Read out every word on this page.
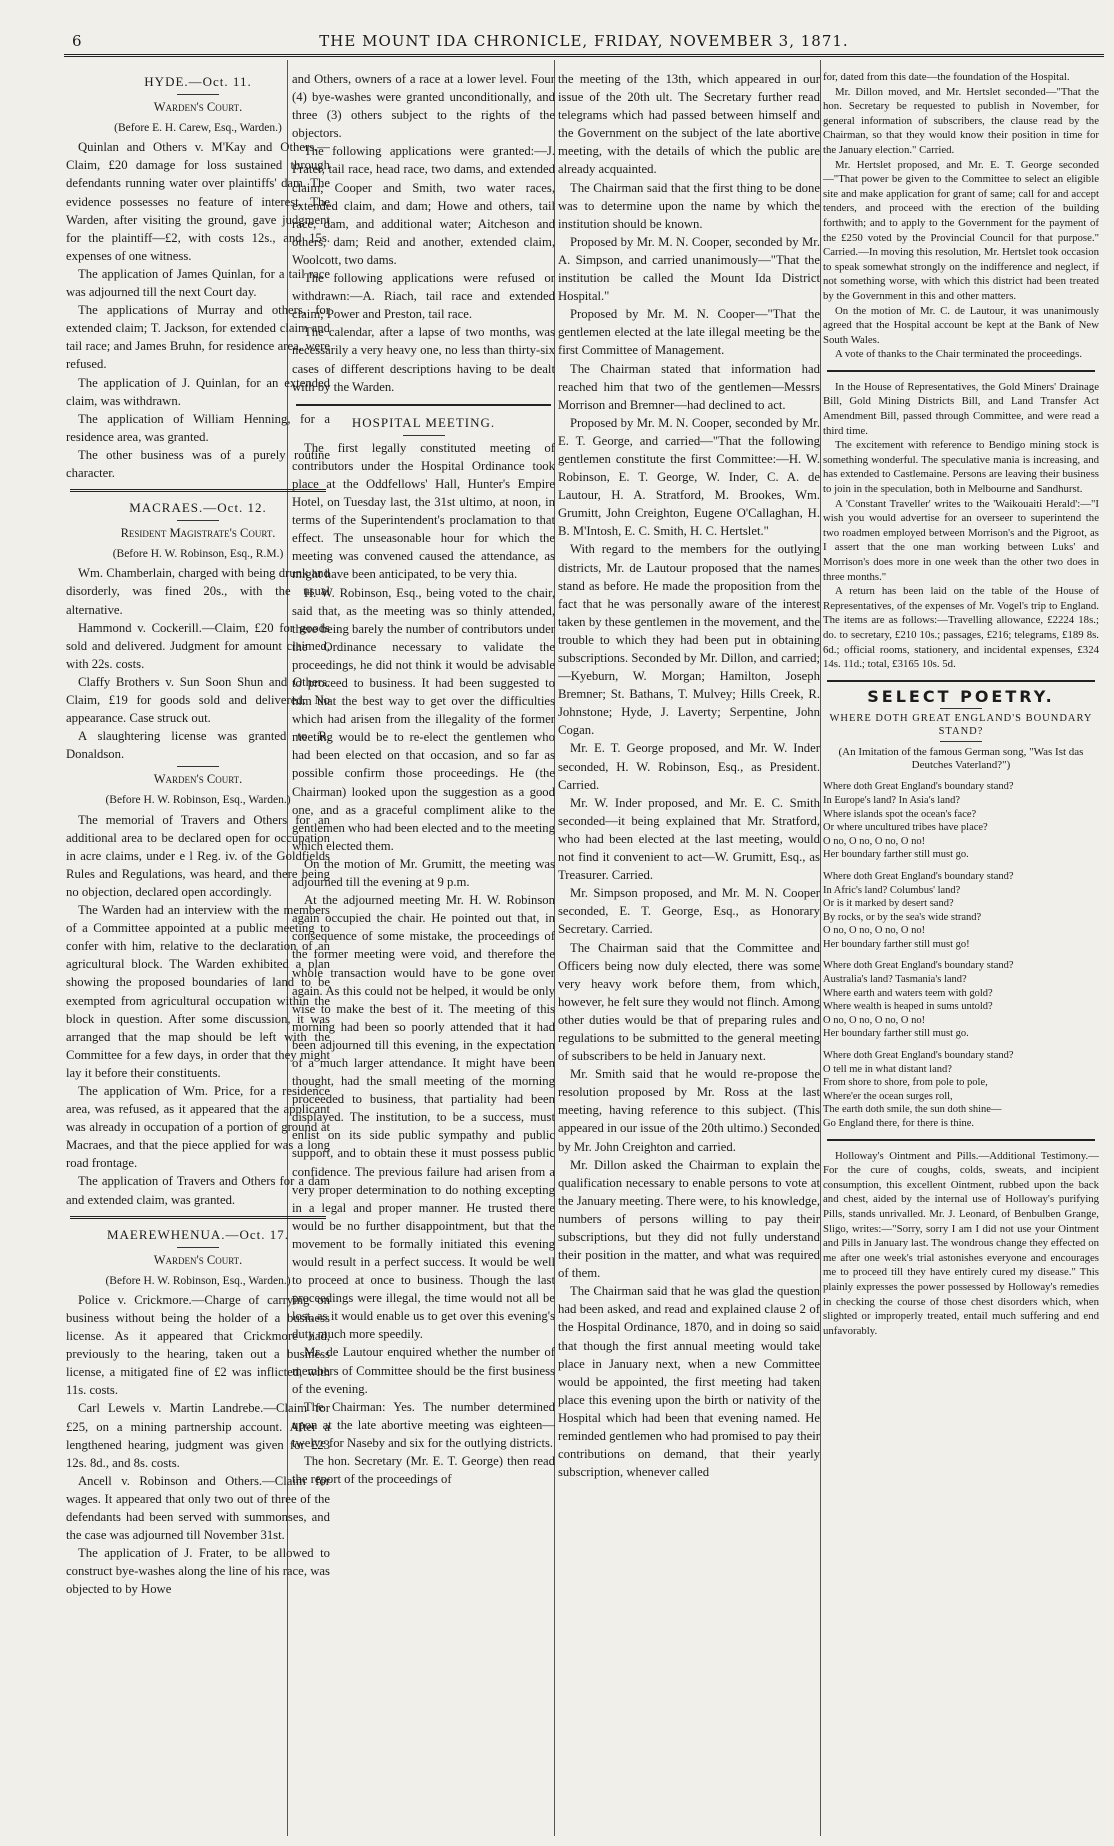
6	THE MOUNT IDA CHRONICLE, FRIDAY, NOVEMBER 3, 1871.
HYDE.—Oct. 11.
Warden's Court.
(Before E. H. Carew, Esq., Warden.)

Quinlan and Others v. M'Kay and Others.—Claim, £20 damage for loss sustained through defendants running water over plaintiffs' dam. The evidence possesses no feature of interest. The Warden, after visiting the ground, gave judgment for the plaintiff—£2, with costs 12s., and 15s. expenses of one witness.

The application of James Quinlan, for a tail race was adjourned till the next Court day.

The applications of Murray and others, for extended claim; T. Jackson, for extended claim and tail race; and James Bruhn, for residence area, were refused.

The application of J. Quinlan, for an extended claim, was withdrawn.

The application of William Henning, for a residence area, was granted.

The other business was of a purely routine character.

MACRAES.—Oct. 12.
Resident Magistrate's Court.
(Before H. W. Robinson, Esq., R.M.)

Wm. Chamberlain, charged with being drunk and disorderly, was fined 20s., with the usual alternative.

Hammond v. Cockerill.—Claim, £20 for goods sold and delivered. Judgment for amount claimed, with 22s. costs.

Claffy Brothers v. Sun Soon Shun and Others. Claim, £19 for goods sold and delivered. No appearance. Case struck out.

A slaughtering license was granted to R. Donaldson.

Warden's Court.
(Before H. W. Robinson, Esq., Warden.)

The memorial of Travers and Others for an additional area to be declared open for occupation in acre claims, under e l Reg. iv. of the Goldfields Rules and Regulations, was heard, and there being no objection, declared open accordingly.

The Warden had an interview with the members of a Committee appointed at a public meeting to confer with him, relative to the declaration of an agricultural block. The Warden exhibited a plan showing the proposed boundaries of land to be exempted from agricultural occupation within the block in question. After some discussion, it was arranged that the map should be left with the Committee for a few days, in order that they might lay it before their constituents.

The application of Wm. Price, for a residence area, was refused, as it appeared that the applicant was already in occupation of a portion of ground at Macraes, and that the piece applied for was a long road frontage.

The application of Travers and Others for a dam and extended claim, was granted.

MAEREWHENUA.—Oct. 17.
Warden's Court.
(Before H. W. Robinson, Esq., Warden.)

Police v. Crickmore.—Charge of carrying on business without being the holder of a business license. As it appeared that Crickmore had, previously to the hearing, taken out a business license, a mitigated fine of £2 was inflicted, with 11s. costs.

Carl Lewels v. Martin Landrebe.—Claim for £25, on a mining partnership account. After a lengthened hearing, judgment was given for £23 12s. 8d., and 8s. costs.

Ancell v. Robinson and Others.—Claim for wages. It appeared that only two out of three of the defendants had been served with summonses, and the case was adjourned till November 31st.

The application of J. Frater, to be allowed to construct bye-washes along the line of his race, was objected to by Howe

and Others, owners of a race at a lower level. Four (4) bye-washes were granted unconditionally, and three (3) others subject to the rights of the objectors.

The following applications were granted:—J. Frater, tail race, head race, two dams, and extended claim; Cooper and Smith, two water races, extended claim, and dam; Howe and others, tail race, dam, and additional water; Aitcheson and others, dam; Reid and another, extended claim, Woolcott, two dams.

The following applications were refused or withdrawn:—A. Riach, tail race and extended claim; Power and Preston, tail race.

The calendar, after a lapse of two months, was necessarily a very heavy one, no less than thirty-six cases of different descriptions having to be dealt with by the Warden.

HOSPITAL MEETING.

The first legally constituted meeting of contributors under the Hospital Ordinance took place at the Oddfellows' Hall, Hunter's Empire Hotel, on Tuesday last, the 31st ultimo, at noon, in terms of the Superintendent's proclamation to that effect. The unseasonable hour for which the meeting was convened caused the attendance, as might have been anticipated, to be very thia.

H. W. Robinson, Esq., being voted to the chair, said that, as the meeting was so thinly attended, there being barely the number of contributors under the Ordinance necessary to validate the proceedings, he did not think it would be advisable to proceed to business. It had been suggested to him that the best way to get over the difficulties which had arisen from the illegality of the former meeting would be to re-elect the gentlemen who had been elected on that occasion, and so far as possible confirm those proceedings. He (the Chairman) looked upon the suggestion as a good one, and as a graceful compliment alike to the gentlemen who had been elected and to the meeting which elected them.

On the motion of Mr. Grumitt, the meeting was adjourned till the evening at 9 p.m.

At the adjourned meeting Mr. H. W. Robinson again occupied the chair. He pointed out that, in consequence of some mistake, the proceedings of the former meeting were void, and therefore the whole transaction would have to be gone over again. As this could not be helped, it would be only wise to make the best of it. The meeting of this morning had been so poorly attended that it had been adjourned till this evening, in the expectation of a much larger attendance. It might have been thought, had the small meeting of the morning proceeded to business, that partiality had been displayed. The institution, to be a success, must enlist on its side public sympathy and public support, and to obtain these it must possess public confidence. The previous failure had arisen from a very proper determination to do nothing excepting in a legal and proper manner. He trusted there would be no further disappointment, but that the movement to be formally initiated this evening would result in a perfect success. It would be well to proceed at once to business. Though the last proceedings were illegal, the time would not all be lost, as it would enable us to get over this evening's duty much more speedily.

Mr. de Lautour enquired whether the number of members of Committee should be the first business of the evening.

The Chairman: Yes. The number determined upon at the late abortive meeting was eighteen—twelve for Naseby and six for the outlying districts.

The hon. Secretary (Mr. E. T. George) then read the report of the proceedings of

the meeting of the 13th, which appeared in our issue of the 20th ult. The Secretary further read telegrams which had passed between himself and the Government on the subject of the late abortive meeting, with the details of which the public are already acquainted.

The Chairman said that the first thing to be done was to determine upon the name by which the institution should be known.

Proposed by Mr. M. N. Cooper, seconded by Mr. A. Simpson, and carried unanimously—"That the institution be called the Mount Ida District Hospital."

Proposed by Mr. M. N. Cooper—"That the gentlemen elected at the late illegal meeting be the first Committee of Management.

The Chairman stated that information had reached him that two of the gentlemen—Messrs Morrison and Bremner—had declined to act.

Proposed by Mr. M. N. Cooper, seconded by Mr. E. T. George, and carried—"That the following gentlemen constitute the first Committee:—H. W. Robinson, E. T. George, W. Inder, C. A. de Lautour, H. A. Stratford, M. Brookes, Wm. Grumitt, John Creighton, Eugene O'Callaghan, H. B. M'Intosh, E. C. Smith, H. C. Hertslet."

With regard to the members for the outlying districts, Mr. de Lautour proposed that the names stand as before. He made the proposition from the fact that he was personally aware of the interest taken by these gentlemen in the movement, and the trouble to which they had been put in obtaining subscriptions. Seconded by Mr. Dillon, and carried;—Kyeburn, W. Morgan; Hamilton, Joseph Bremner; St. Bathans, T. Mulvey; Hills Creek, R. Johnstone; Hyde, J. Laverty; Serpentine, John Cogan.

Mr. E. T. George proposed, and Mr. W. Inder seconded, H. W. Robinson, Esq., as President. Carried.

Mr. W. Inder proposed, and Mr. E. C. Smith seconded—it being explained that Mr. Stratford, who had been elected at the last meeting, would not find it convenient to act—W. Grumitt, Esq., as Treasurer. Carried.

Mr. Simpson proposed, and Mr. M. N. Cooper seconded, E. T. George, Esq., as Honorary Secretary. Carried.

The Chairman said that the Committee and Officers being now duly elected, there was some very heavy work before them, from which, however, he felt sure they would not flinch. Among other duties would be that of preparing rules and regulations to be submitted to the general meeting of subscribers to be held in January next.

Mr. Smith said that he would re-propose the resolution proposed by Mr. Ross at the last meeting, having reference to this subject. (This appeared in our issue of the 20th ultimo.) Seconded by Mr. John Creighton and carried.

Mr. Dillon asked the Chairman to explain the qualification necessary to enable persons to vote at the January meeting. There were, to his knowledge, numbers of persons willing to pay their subscriptions, but they did not fully understand their position in the matter, and what was required of them.

The Chairman said that he was glad the question had been asked, and read and explained clause 2 of the Hospital Ordinance, 1870, and in doing so said that though the first annual meeting would take place in January next, when a new Committee would be appointed, the first meeting had taken place this evening upon the birth or nativity of the Hospital which had been that evening named. He reminded gentlemen who had promised to pay their contributions on demand, that their yearly subscription, whenever called

for, dated from this date—the foundation of the Hospital.

Mr. Dillon moved, and Mr. Hertslet seconded—"That the hon. Secretary be requested to publish in November, for general information of subscribers, the clause read by the Chairman, so that they would know their position in time for the January election." Carried.

Mr. Hertslet proposed, and Mr. E. T. George seconded—"That power be given to the Committee to select an eligible site and make application for grant of same; call for and accept tenders, and proceed with the erection of the building forthwith; and to apply to the Government for the payment of the £250 voted by the Provincial Council for that purpose." Carried.—In moving this resolution, Mr. Hertslet took occasion to speak somewhat strongly on the indifference and neglect, if not something worse, with which this district had been treated by the Government in this and other matters.

On the motion of Mr. C. de Lautour, it was unanimously agreed that the Hospital account be kept at the Bank of New South Wales.

A vote of thanks to the Chair terminated the proceedings.

In the House of Representatives, the Gold Miners' Drainage Bill, Gold Mining Districts Bill, and Land Transfer Act Amendment Bill, passed through Committee, and were read a third time.

The excitement with reference to Bendigo mining stock is something wonderful. The speculative mania is increasing, and has extended to Castlemaine. Persons are leaving their business to join in the speculation, both in Melbourne and Sandhurst.

A 'Constant Traveller' writes to the 'Waikouaiti Herald':—"I wish you would advertise for an overseer to superintend the two roadmen employed between Morrison's and the Pigroot, as I assert that the one man working between Luks' and Morrison's does more in one week than the other two does in three months."

A return has been laid on the table of the House of Representatives, of the expenses of Mr. Vogel's trip to England. The items are as follows:—Travelling allowance, £2224 18s.; do. to secretary, £210 10s.; passages, £216; telegrams, £189 8s. 6d.; official rooms, stationery, and incidental expenses, £324 14s. 11d.; total, £3165 10s. 5d.

SELECT POETRY.
WHERE DOTH GREAT ENGLAND'S BOUNDARY STAND?
(An Imitation of the famous German song, "Was Ist das Deutches Vaterland?")
Where doth Great England's boundary stand?
In Europe's land? In Asia's land?
Where islands spot the ocean's face?
Or where uncultured tribes have place?
O no, O no, O no, O no!
Her boundary farther still must go.
Where doth Great England's boundary stand?
In Afric's land? Columbus' land?
Or is it marked by desert sand?
By rocks, or by the sea's wide strand?
O no, O no, O no, O no!
Her boundary farther still must go!
Where doth Great England's boundary stand?
Australia's land? Tasmania's land?
Where earth and waters teem with gold?
Where wealth is heaped in sums untold?
O no, O no, O no, O no!
Her boundary farther still must go.
Where doth Great England's boundary stand?
O tell me in what distant land?
From shore to shore, from pole to pole,
Where'er the ocean surges roll,
The earth doth smile, the sun doth shine—
Go England there, for there is thine.

Holloway's Ointment and Pills.—Additional Testimony.—For the cure of coughs, colds, sweats, and incipient consumption, this excellent Ointment, rubbed upon the back and chest, aided by the internal use of Holloway's purifying Pills, stands unrivalled. Mr. J. Leonard, of Benbulben Grange, Sligo, writes:—"Sorry, sorry I am I did not use your Ointment and Pills in January last. The wondrous change they effected on me after one week's trial astonishes everyone and encourages me to proceed till they have entirely cured my disease." This plainly expresses the power possessed by Holloway's remedies in checking the course of those chest disorders which, when slighted or improperly treated, entail much suffering and end unfavorably.
